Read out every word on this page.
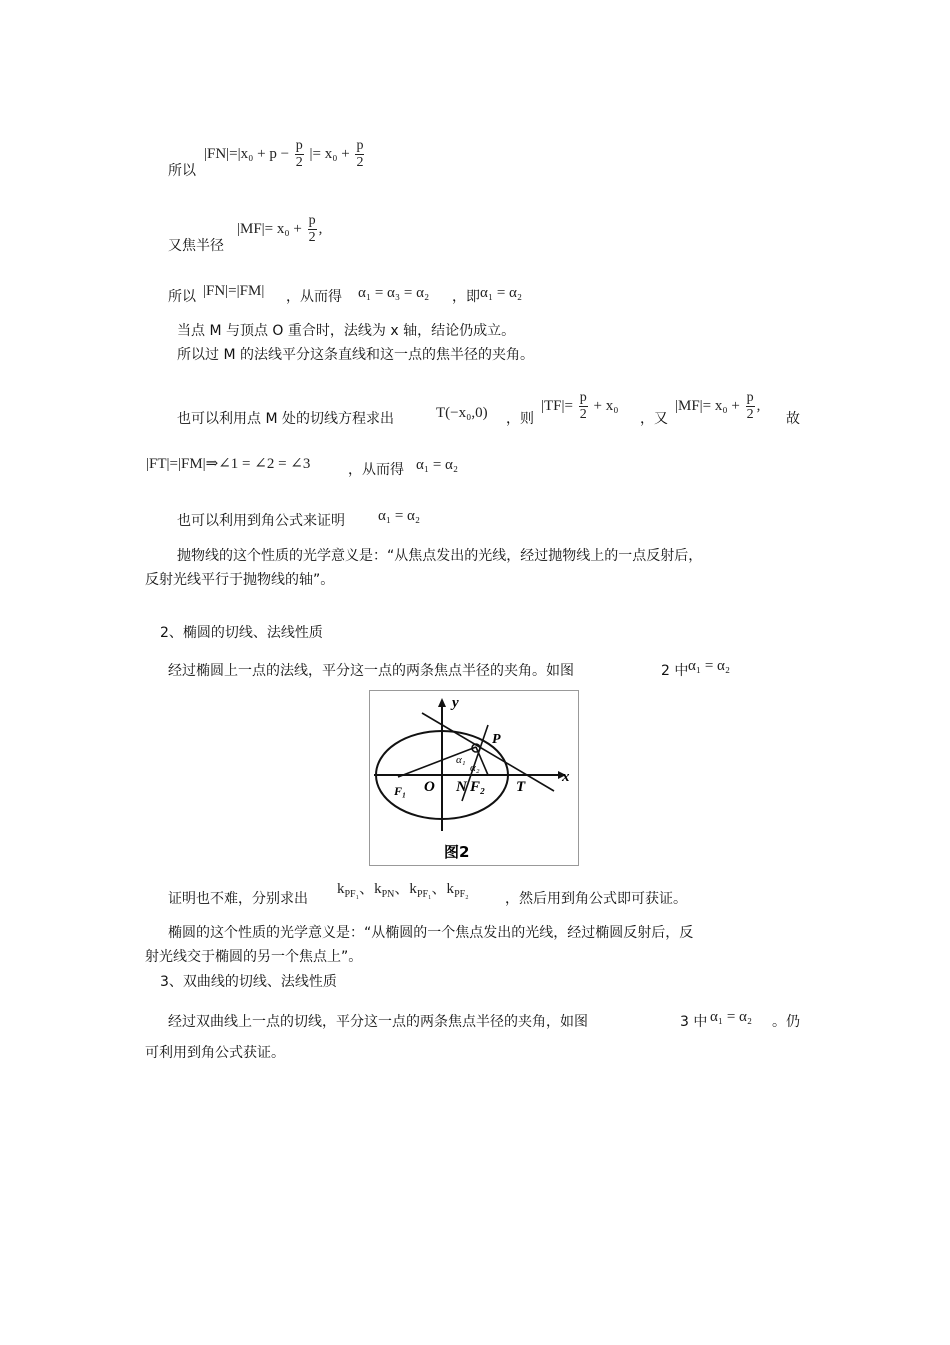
所以
$|FN|=|x_0 + p - \frac{p}{2}$ |= $x_0 + \frac{p}{2}$
又焦半径
$|MF|= x_0 + \frac{p}{2}$ ,
所以 |FN|=|FM| ，从而得 α₁ = α₃ = α₂ ，即 α₁ = α₂
当点 M 与顶点 O 重合时，法线为 x 轴，结论仍成立。
所以过 M 的法线平分这条直线和这一点的焦半径的夹角。
也可以利用点 M 处的切线方程求出	T(−x₀,0) ，则
$|TF|= \frac{p}{2} + x_0$
，又
$|MF|= x_0 + \frac{p}{2}$ ,
故
|FT|=|FM|⇒∠1 = ∠2 = ∠3	，从而得 α₁ = α₂
也可以利用到角公式来证明 α₁ = α₂
抛物线的这个性质的光学意义是：“从焦点发出的光线，经过抛物线上的一点反射后，
反射光线平行于抛物线的轴”。
2、椭圆的切线、法线性质
经过椭圆上一点的法线，平分这一点的两条焦点半径的夹角。如图	2 中 α₁ = α₂
y
x
P
O N F₂
F₁	T
α₁
α₂
图2
证明也不难，分别求出
$k_{PF_1}$、$k_{PN}$、$k_{PF_1}$、$k_{PF_2}$	，然后用到角公式即可获证。
椭圆的这个性质的光学意义是：“从椭圆的一个焦点发出的光线，经过椭圆反射后，反
射光线交于椭圆的另一个焦点上”。
3、双曲线的切线、法线性质
经过双曲线上一点的切线，平分这一点的两条焦点半径的夹角，如图	3 中 α₁ = α₂ 。仍
可利用到角公式获证。
